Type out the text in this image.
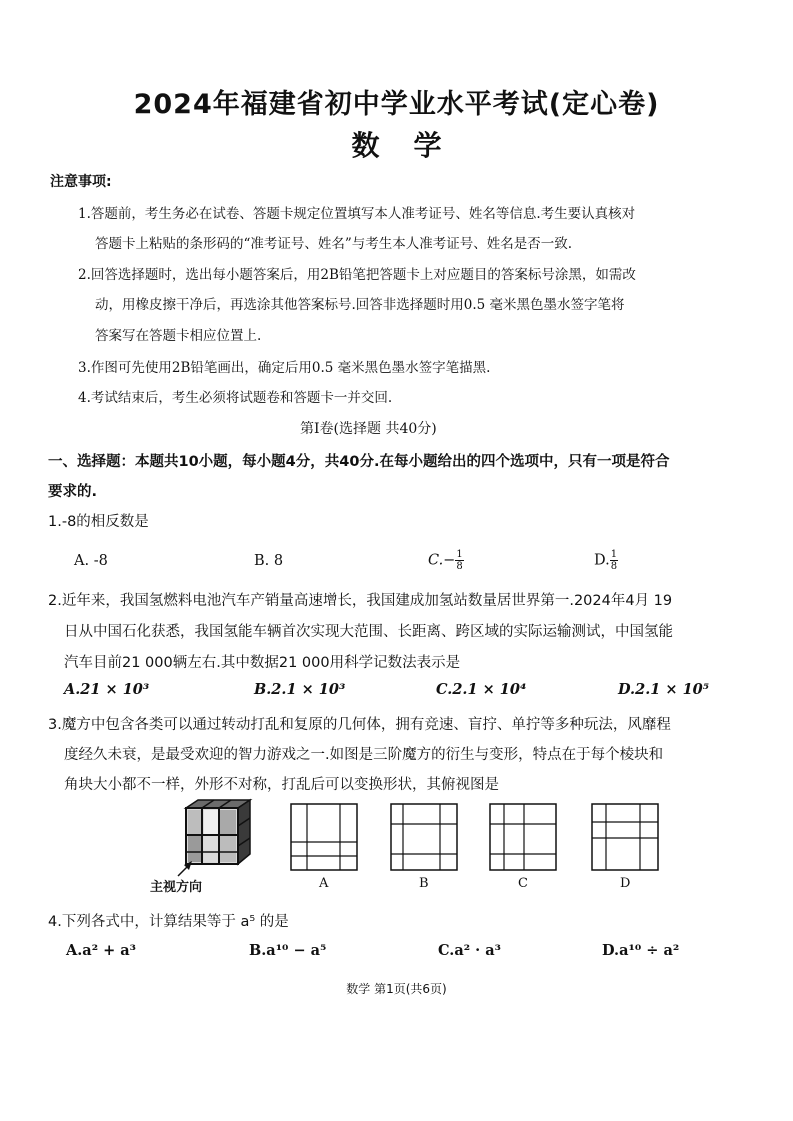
2024年福建省初中学业水平考试(定心卷)
数学
注意事项:
1.答题前，考生务必在试卷、答题卡规定位置填写本人准考证号、姓名等信息.考生要认真核对
答题卡上粘贴的条形码的“准考证号、姓名”与考生本人准考证号、姓名是否一致.
2.回答选择题时，选出每小题答案后，用2B铅笔把答题卡上对应题目的答案标号涂黑，如需改
动，用橡皮擦干净后，再选涂其他答案标号.回答非选择题时用0.5 毫米黑色墨水签字笔将
答案写在答题卡相应位置上.
3.作图可先使用2B铅笔画出，确定后用0.5 毫米黑色墨水签字笔描黑.
4.考试结束后，考生必须将试题卷和答题卡一并交回.
第Ⅰ卷(选择题 共40分)
一、选择题：本题共10小题，每小题4分，共40分.在每小题给出的四个选项中，只有一项是符合
要求的.
1.-8的相反数是
A. -8	B. 8	$C.- \frac{1}{8}$	D. $\frac{1}{8}$
2.近年来，我国氢燃料电池汽车产销量高速增长，我国建成加氢站数量居世界第一.2024年4月 19
日从中国石化获悉，我国氢能车辆首次实现大范围、长距离、跨区域的实际运输测试，中国氢能
汽车目前21 000辆左右.其中数据21 000用科学记数法表示是
A.21 × 10³	B.2.1 × 10³	C.2.1 × 10⁴	D.2.1 × 10⁵
3.魔方中包含各类可以通过转动打乱和复原的几何体，拥有竞速、盲拧、单拧等多种玩法，风靡程
度经久未衰，是最受欢迎的智力游戏之一.如图是三阶魔方的衍生与变形，特点在于每个棱块和
角块大小都不一样，外形不对称，打乱后可以变换形状，其俯视图是
主视方向	A	B	C	D
4.下列各式中，计算结果等于 a⁵ 的是
A.a² + a³	B.a¹⁰ − a⁵	C.a² · a³	D.a¹⁰ ÷ a²
数学 第1页(共6页)
